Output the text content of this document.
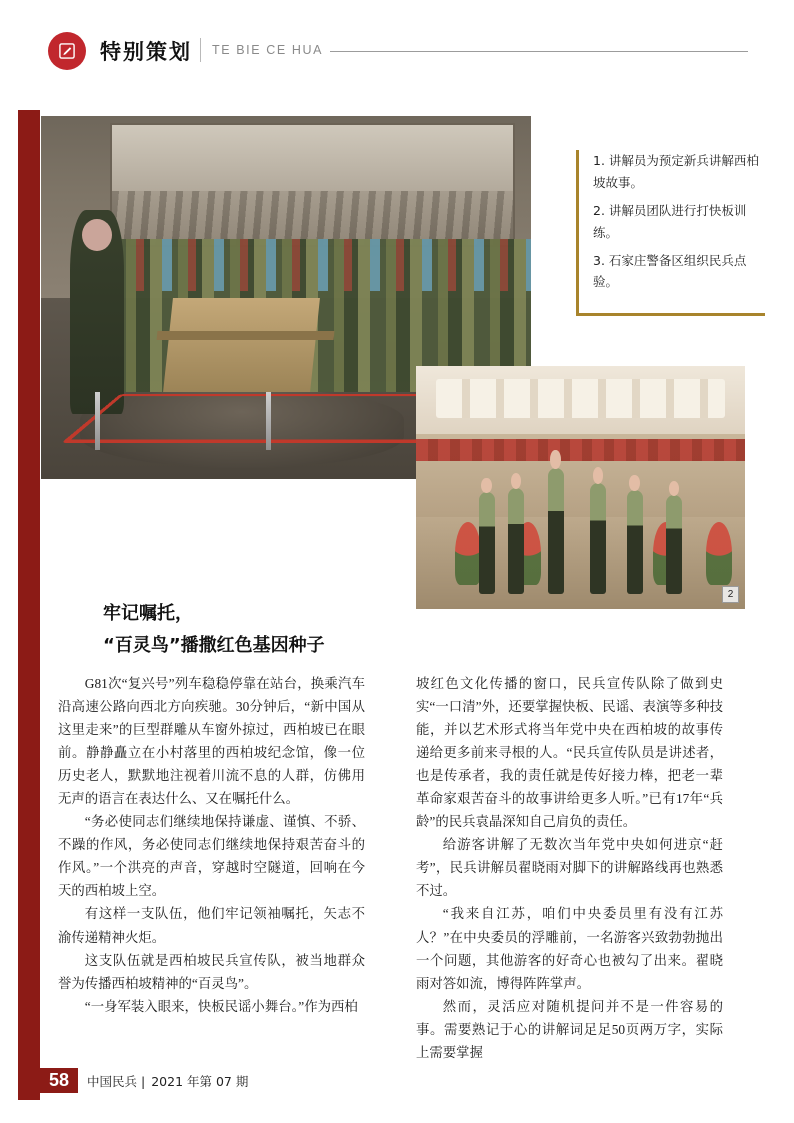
特别策划 TE BIE CE HUA
2

1. 讲解员为预定新兵讲解西柏坡故事。

2. 讲解员团队进行打快板训练。

3. 石家庄警备区组织民兵点验。

牢记嘱托，
“百灵鸟”播撒红色基因种子

G81次“复兴号”列车稳稳停靠在站台，换乘汽车沿高速公路向西北方向疾驰。30分钟后，“新中国从这里走来”的巨型群雕从车窗外掠过，西柏坡已在眼前。静静矗立在小村落里的西柏坡纪念馆，像一位历史老人，默默地注视着川流不息的人群，仿佛用无声的语言在表达什么、又在嘱托什么。

“务必使同志们继续地保持谦虚、谨慎、不骄、不躁的作风，务必使同志们继续地保持艰苦奋斗的作风。”一个洪亮的声音，穿越时空隧道，回响在今天的西柏坡上空。

有这样一支队伍，他们牢记领袖嘱托，矢志不渝传递精神火炬。

这支队伍就是西柏坡民兵宣传队，被当地群众誉为传播西柏坡精神的“百灵鸟”。

“一身军装入眼来，快板民谣小舞台。”作为西柏

坡红色文化传播的窗口，民兵宣传队除了做到史实“一口清”外，还要掌握快板、民谣、表演等多种技能，并以艺术形式将当年党中央在西柏坡的故事传递给更多前来寻根的人。“民兵宣传队员是讲述者，也是传承者，我的责任就是传好接力棒，把老一辈革命家艰苦奋斗的故事讲给更多人听。”已有17年“兵龄”的民兵袁晶深知自己肩负的责任。

给游客讲解了无数次当年党中央如何进京“赶考”，民兵讲解员翟晓雨对脚下的讲解路线再也熟悉不过。

“我来自江苏，咱们中央委员里有没有江苏人？”在中央委员的浮雕前，一名游客兴致勃勃抛出一个问题，其他游客的好奇心也被勾了出来。翟晓雨对答如流，博得阵阵掌声。

然而，灵活应对随机提问并不是一件容易的事。需要熟记于心的讲解词足足50页两万字，实际上需要掌握

58	中国民兵 | 2021 年第 07 期
